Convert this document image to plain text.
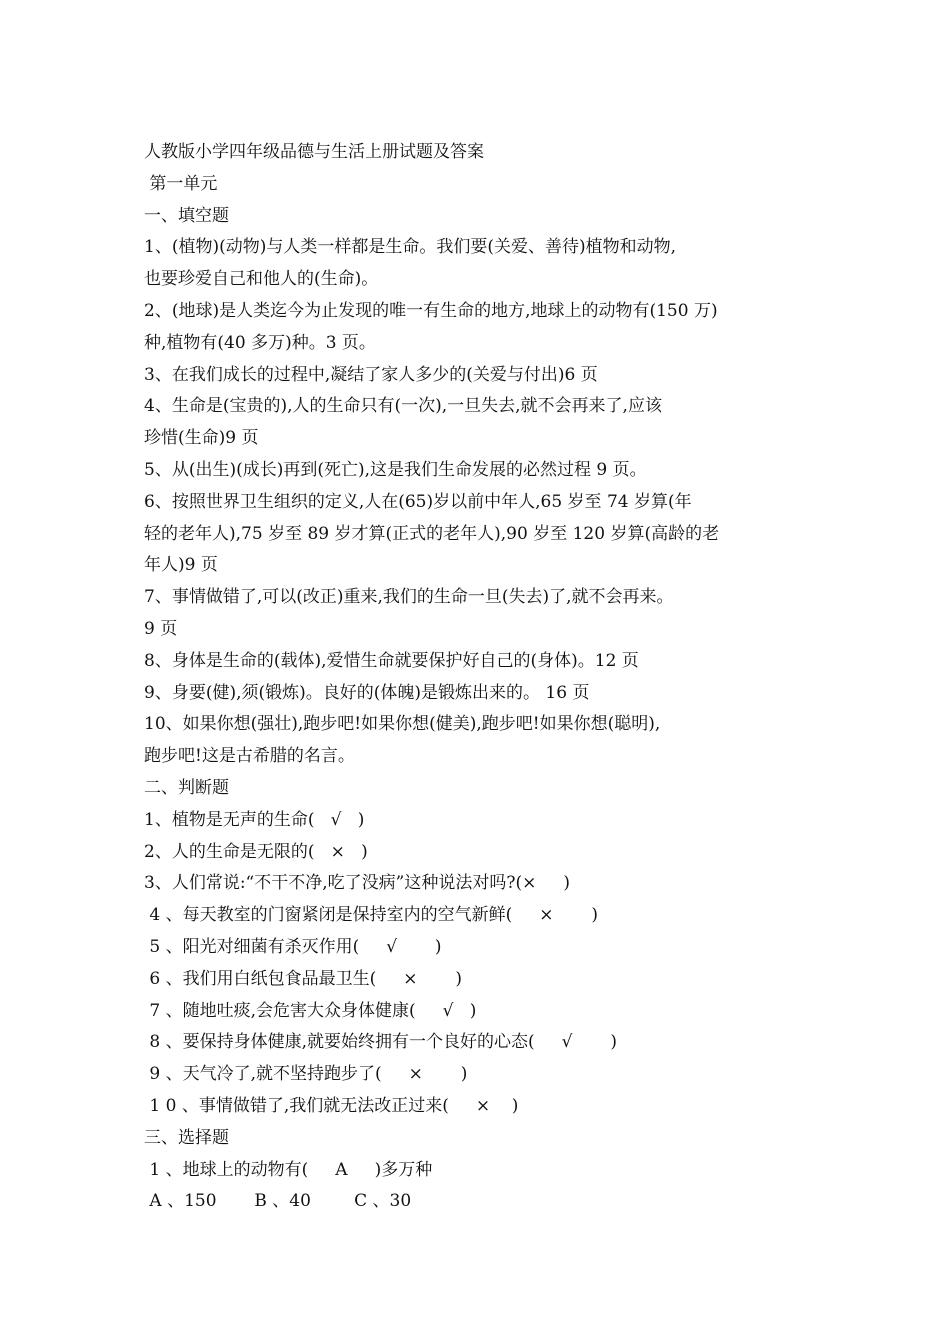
人教版小学四年级品德与生活上册试题及答案
第一单元
一、填空题
1、(植物)(动物)与人类一样都是生命。我们要(关爱、善待)植物和动物,
也要珍爱自己和他人的(生命)。
2、(地球)是人类迄今为止发现的唯一有生命的地方,地球上的动物有(150 万)
种,植物有(40 多万)种。3 页。
3、在我们成长的过程中,凝结了家人多少的(关爱与付出)6 页
4、生命是(宝贵的),人的生命只有(一次),一旦失去,就不会再来了,应该
珍惜(生命)9 页
5、从(出生)(成长)再到(死亡),这是我们生命发展的必然过程 9 页。
6、按照世界卫生组织的定义,人在(65)岁以前中年人,65 岁至 74 岁算(年
轻的老年人),75 岁至 89 岁才算(正式的老年人),90 岁至 120 岁算(高龄的老
年人)9 页
7、事情做错了,可以(改正)重来,我们的生命一旦(失去)了,就不会再来。
9 页
8、身体是生命的(载体),爱惜生命就要保护好自己的(身体)。12 页
9、身要(健),须(锻炼)。良好的(体魄)是锻炼出来的。 16 页
10、如果你想(强壮),跑步吧!如果你想(健美),跑步吧!如果你想(聪明),
跑步吧!这是古希腊的名言。
二、判断题
1、植物是无声的生命(   √   )
2、人的生命是无限的(   ×   )
3、人们常说:“不干不净,吃了没病”这种说法对吗?(×     )
4 、每天教室的门窗紧闭是保持室内的空气新鲜(     ×       )
5 、阳光对细菌有杀灭作用(     √       )
6 、我们用白纸包食品最卫生(     ×       )
7 、随地吐痰,会危害大众身体健康(     √   )
8 、要保持身体健康,就要始终拥有一个良好的心态(     √       )
9 、天气冷了,就不坚持跑步了(     ×       )
1 0 、事情做错了,我们就无法改正过来(     ×    )
三、选择题
1 、地球上的动物有(     A     )多万种
A 、150       B 、40        C 、30
